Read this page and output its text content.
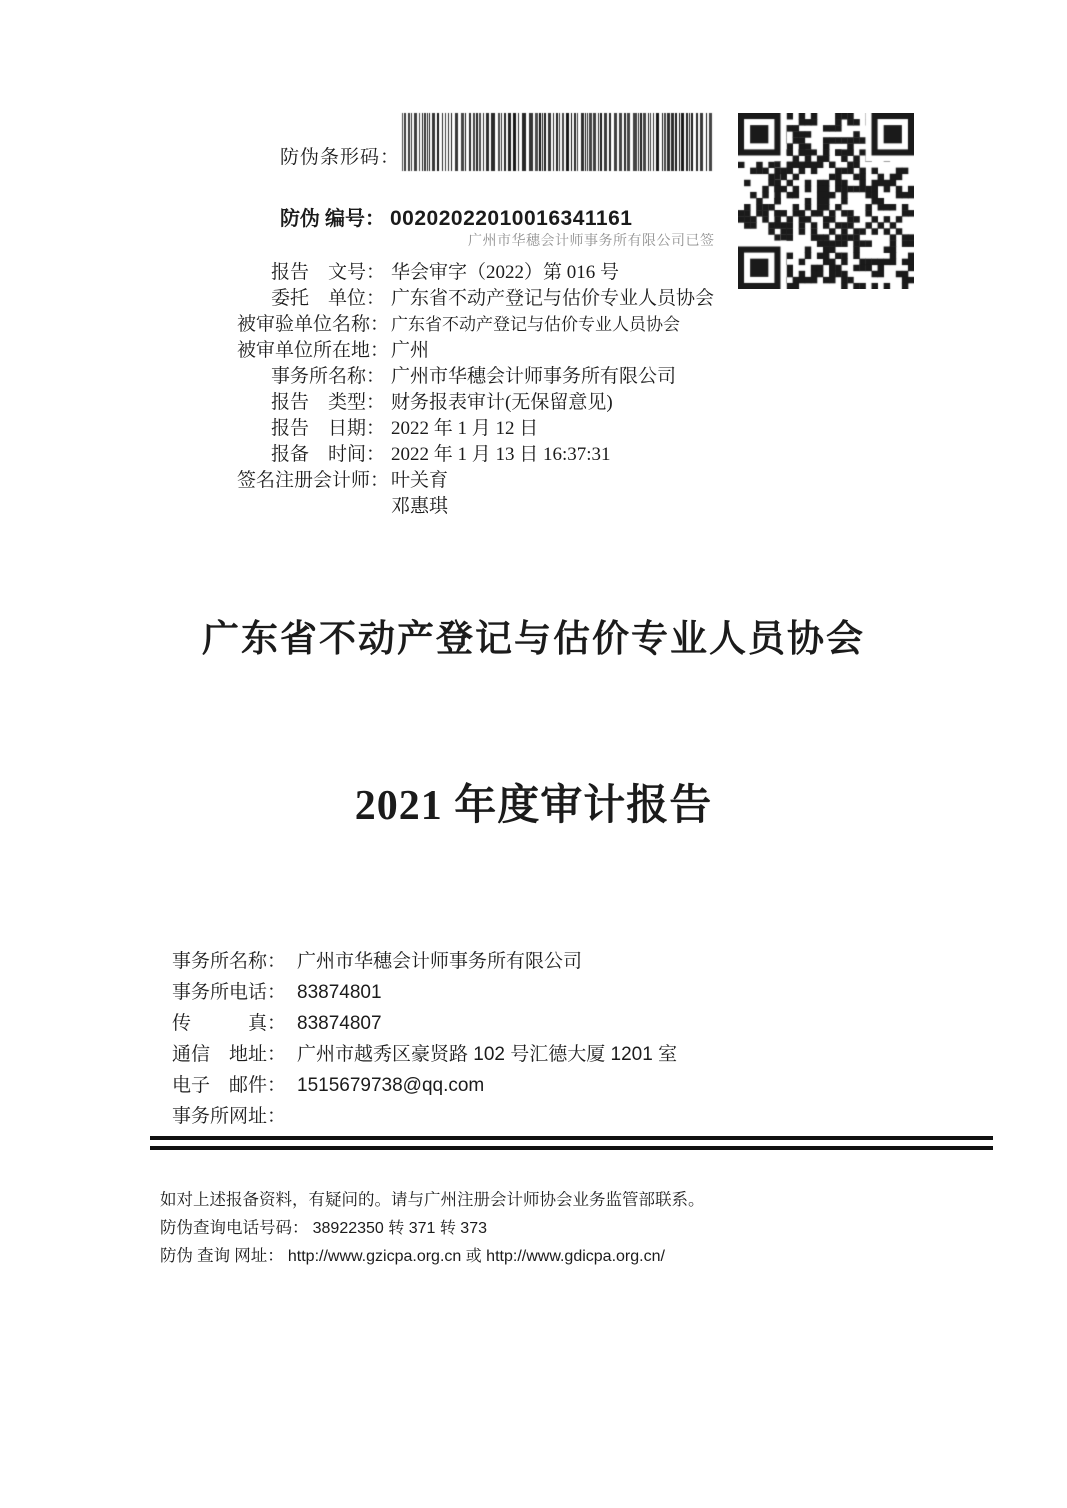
防伪条形码：
防伪 编号： 00202022010016341161
广州市华穗会计师事务所有限公司已签
报告　文号： 华会审字（2022）第 016 号
委托　单位： 广东省不动产登记与估价专业人员协会
被审验单位名称： 广东省不动产登记与估价专业人员协会
被审单位所在地： 广州
事务所名称： 广州市华穗会计师事务所有限公司
报告　类型： 财务报表审计(无保留意见)
报告　日期： 2022 年 1 月 12 日
报备　时间： 2022 年 1 月 13 日 16:37:31
签名注册会计师： 叶关育
邓惠琪
广东省不动产登记与估价专业人员协会
2021 年度审计报告
事务所名称： 广州市华穗会计师事务所有限公司
事务所电话： 83874801
传　　　真： 83874807
通信　地址： 广州市越秀区豪贤路 102 号汇德大厦 1201 室
电子　邮件： 1515679738@qq.com
事务所网址：
如对上述报备资料，有疑问的。请与广州注册会计师协会业务监管部联系。
防伪查询电话号码： 38922350 转 371 转 373
防伪 查询 网址： http://www.gzicpa.org.cn 或 http://www.gdicpa.org.cn/
